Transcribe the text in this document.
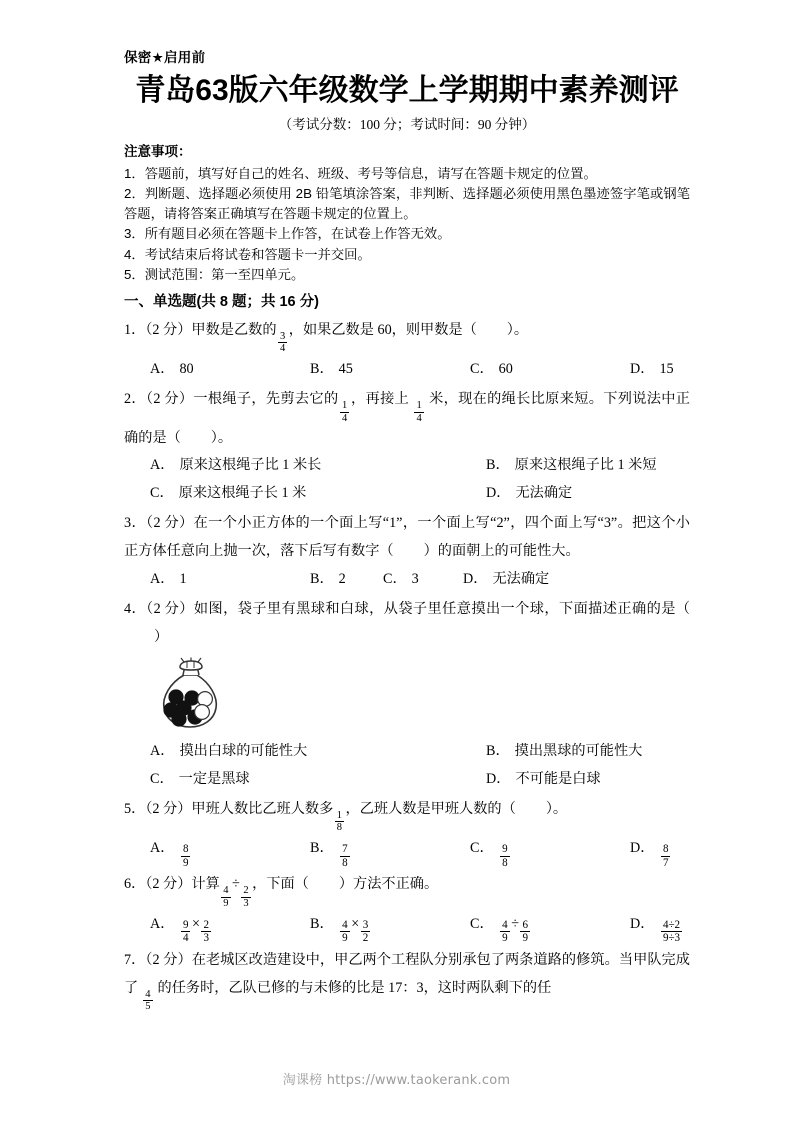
保密★启用前
青岛63版六年级数学上学期期中素养测评
（考试分数：100 分；考试时间：90 分钟）
注意事项：

1．答题前，填写好自己的姓名、班级、考号等信息，请写在答题卡规定的位置。

2．判断题、选择题必须使用 2B 铅笔填涂答案，非判断、选择题必须使用黑色墨迹签字笔或钢笔答题，请将答案正确填写在答题卡规定的位置上。

3．所有题目必须在答题卡上作答，在试卷上作答无效。

4．考试结束后将试卷和答题卡一并交回。

5．测试范围：第一至四单元。

一、单选题(共 8 题；共 16 分)

1．（2 分）甲数是乙数的
$\frac{3}{4}$
，如果乙数是 60，则甲数是（ ）。

A． 80	B． 45	C． 60	D． 15

2．（2 分）一根绳子，先剪去它的
$\frac{1}{4}$
，再接上
$\frac{1}{4}$
米，现在的绳长比原来短。下列说法中正确的是（ ）。

A． 原来这根绳子比 1 米长	B． 原来这根绳子比 1 米短
C． 原来这根绳子长 1 米	D． 无法确定

3．（2 分）在一个小正方体的一个面上写“1”，一个面上写“2”，四个面上写“3”。把这个小正方体任意向上抛一次，落下后写有数字（ ）的面朝上的可能性大。

A． 1	B． 2	C． 3	D． 无法确定

4．（2 分）如图，袋子里有黑球和白球，从袋子里任意摸出一个球，下面描述正确的是（）

A． 摸出白球的可能性大	B． 摸出黑球的可能性大
C． 一定是黑球	D． 不可能是白球

5．（2 分）甲班人数比乙班人数多
$\frac{1}{8}$
，乙班人数是甲班人数的（ ）。

A． $\frac{8}{9}$	B． $\frac{7}{8}$	C． $\frac{9}{8}$	D． $\frac{8}{7}$

6．（2 分）计算
$\frac{4}{9}$
÷
$\frac{2}{3}$
，下面（ ）方法不正确。

A． $\frac{9}{4} \times \frac{2}{3}$	B． $\frac{4}{9} \times \frac{3}{2}$	C． $\frac{4}{9} \div \frac{6}{9}$	D． $\frac{4\div 2}{9\div 3}$

7．（2 分）在老城区改造建设中，甲乙两个工程队分别承包了两条道路的修筑。当甲队完成了
$\frac{4}{5}$
的任务时，乙队已修的与未修的比是 17：3，这时两队剩下的任

淘课榜 https://www.taokerank.com
